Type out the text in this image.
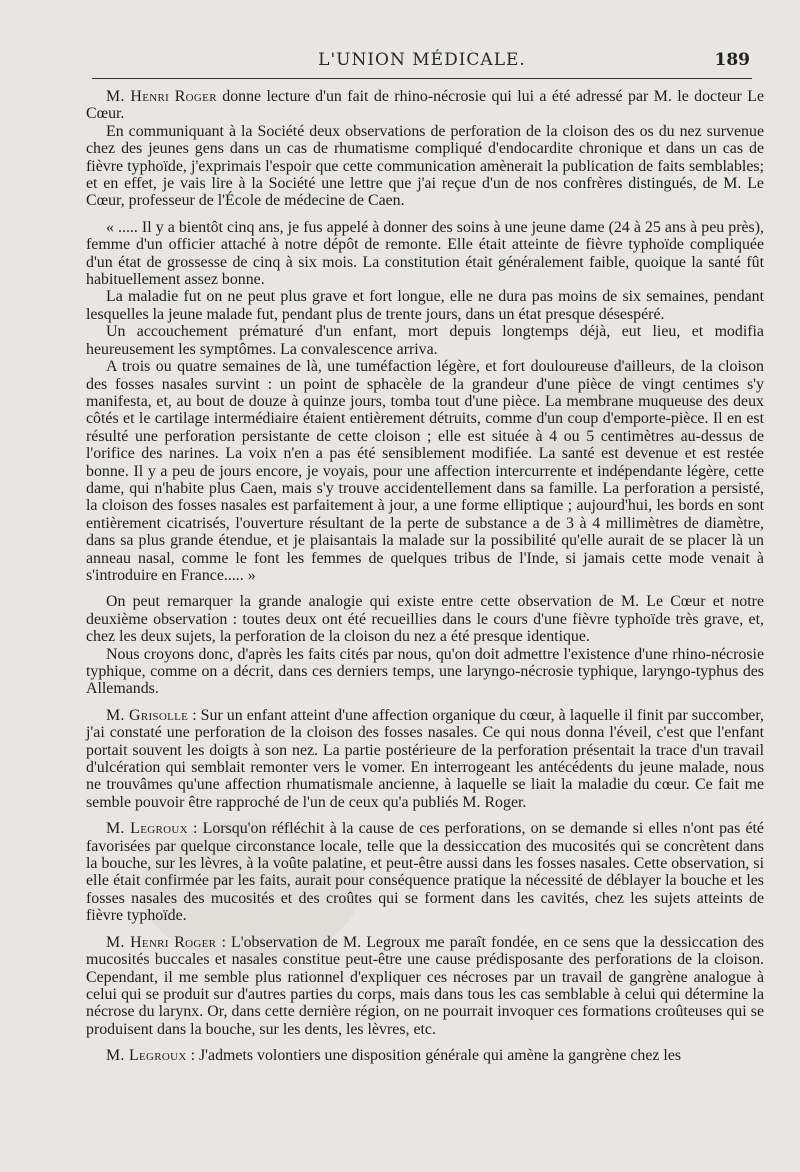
L'UNION MÉDICALE.	189

M. Henri Roger donne lecture d'un fait de rhino-nécrosie qui lui a été adressé par M. le docteur Le Cœur.

En communiquant à la Société deux observations de perforation de la cloison des os du nez survenue chez des jeunes gens dans un cas de rhumatisme compliqué d'endocardite chronique et dans un cas de fièvre typhoïde, j'exprimais l'espoir que cette communication amènerait la publication de faits semblables; et en effet, je vais lire à la Société une lettre que j'ai reçue d'un de nos confrères distingués, de M. Le Cœur, professeur de l'École de médecine de Caen.

« ..... Il y a bientôt cinq ans, je fus appelé à donner des soins à une jeune dame (24 à 25 ans à peu près), femme d'un officier attaché à notre dépôt de remonte. Elle était atteinte de fièvre typhoïde compliquée d'un état de grossesse de cinq à six mois. La constitution était généralement faible, quoique la santé fût habituellement assez bonne.

La maladie fut on ne peut plus grave et fort longue, elle ne dura pas moins de six semaines, pendant lesquelles la jeune malade fut, pendant plus de trente jours, dans un état presque désespéré.

Un accouchement prématuré d'un enfant, mort depuis longtemps déjà, eut lieu, et modifia heureusement les symptômes. La convalescence arriva.

A trois ou quatre semaines de là, une tuméfaction légère, et fort douloureuse d'ailleurs, de la cloison des fosses nasales survint : un point de sphacèle de la grandeur d'une pièce de vingt centimes s'y manifesta, et, au bout de douze à quinze jours, tomba tout d'une pièce. La membrane muqueuse des deux côtés et le cartilage intermédiaire étaient entièrement détruits, comme d'un coup d'emporte-pièce. Il en est résulté une perforation persistante de cette cloison ; elle est située à 4 ou 5 centimètres au-dessus de l'orifice des narines. La voix n'en a pas été sensiblement modifiée. La santé est devenue et est restée bonne. Il y a peu de jours encore, je voyais, pour une affection intercurrente et indépendante légère, cette dame, qui n'habite plus Caen, mais s'y trouve accidentellement dans sa famille. La perforation a persisté, la cloison des fosses nasales est parfaitement à jour, a une forme elliptique ; aujourd'hui, les bords en sont entièrement cicatrisés, l'ouverture résultant de la perte de substance a de 3 à 4 millimètres de diamètre, dans sa plus grande étendue, et je plaisantais la malade sur la possibilité qu'elle aurait de se placer là un anneau nasal, comme le font les femmes de quelques tribus de l'Inde, si jamais cette mode venait à s'introduire en France..... »

On peut remarquer la grande analogie qui existe entre cette observation de M. Le Cœur et notre deuxième observation : toutes deux ont été recueillies dans le cours d'une fièvre typhoïde très grave, et, chez les deux sujets, la perforation de la cloison du nez a été presque identique.

Nous croyons donc, d'après les faits cités par nous, qu'on doit admettre l'existence d'une rhino-nécrosie typhique, comme on a décrit, dans ces derniers temps, une laryngo-nécrosie typhique, laryngo-typhus des Allemands.

M. Grisolle : Sur un enfant atteint d'une affection organique du cœur, à laquelle il finit par succomber, j'ai constaté une perforation de la cloison des fosses nasales. Ce qui nous donna l'éveil, c'est que l'enfant portait souvent les doigts à son nez. La partie postérieure de la perforation présentait la trace d'un travail d'ulcération qui semblait remonter vers le vomer. En interrogeant les antécédents du jeune malade, nous ne trouvâmes qu'une affection rhumatismale ancienne, à laquelle se liait la maladie du cœur. Ce fait me semble pouvoir être rapproché de l'un de ceux qu'a publiés M. Roger.

M. Legroux : Lorsqu'on réfléchit à la cause de ces perforations, on se demande si elles n'ont pas été favorisées par quelque circonstance locale, telle que la dessiccation des mucosités qui se concrètent dans la bouche, sur les lèvres, à la voûte palatine, et peut-être aussi dans les fosses nasales. Cette observation, si elle était confirmée par les faits, aurait pour conséquence pratique la nécessité de déblayer la bouche et les fosses nasales des mucosités et des croûtes qui se forment dans les cavités, chez les sujets atteints de fièvre typhoïde.

M. Henri Roger : L'observation de M. Legroux me paraît fondée, en ce sens que la dessiccation des mucosités buccales et nasales constitue peut-être une cause prédisposante des perforations de la cloison. Cependant, il me semble plus rationnel d'expliquer ces nécroses par un travail de gangrène analogue à celui qui se produit sur d'autres parties du corps, mais dans tous les cas semblable à celui qui détermine la nécrose du larynx. Or, dans cette dernière région, on ne pourrait invoquer ces formations croûteuses qui se produisent dans la bouche, sur les dents, les lèvres, etc.

M. Legroux : J'admets volontiers une disposition générale qui amène la gangrène chez les
